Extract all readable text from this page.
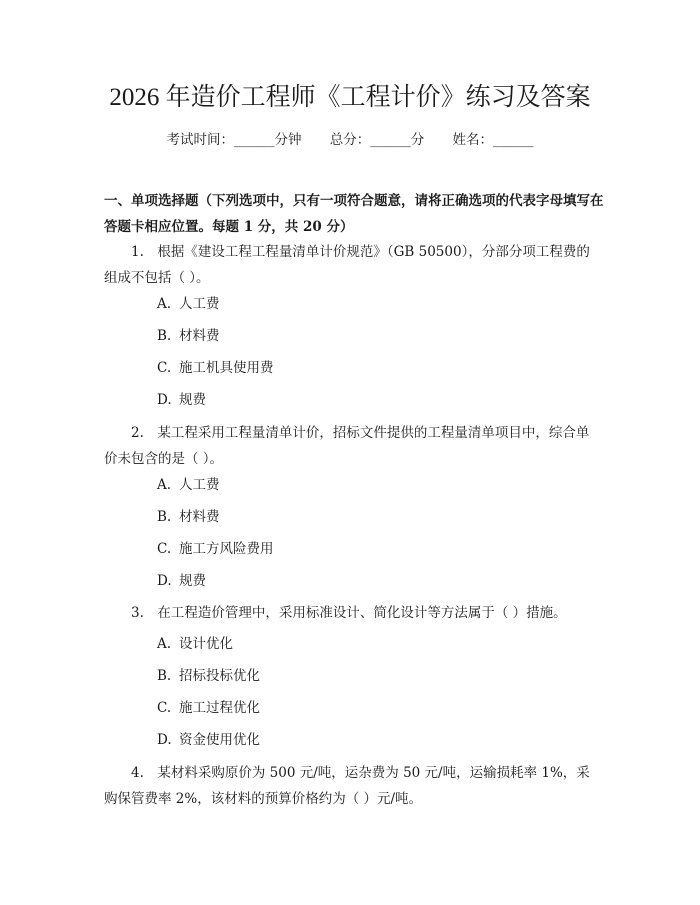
2026 年造价工程师《工程计价》练习及答案
考试时间：______分钟 总分：______分 姓名：______
一、单项选择题（下列选项中，只有一项符合题意，请将正确选项的代表字母填写在答题卡相应位置。每题 1 分，共 20 分）
1.　根据《建设工程工程量清单计价规范》（GB 50500），分部分项工程费的组成不包括（ ）。
A. 人工费
B. 材料费
C. 施工机具使用费
D. 规费
2.　某工程采用工程量清单计价，招标文件提供的工程量清单项目中，综合单价未包含的是（ ）。
A. 人工费
B. 材料费
C. 施工方风险费用
D. 规费
3.　在工程造价管理中，采用标准设计、简化设计等方法属于（ ）措施。
A. 设计优化
B. 招标投标优化
C. 施工过程优化
D. 资金使用优化
4.　某材料采购原价为 500 元/吨，运杂费为 50 元/吨，运输损耗率 1%，采购保管费率 2%，该材料的预算价格约为（ ）元/吨。
